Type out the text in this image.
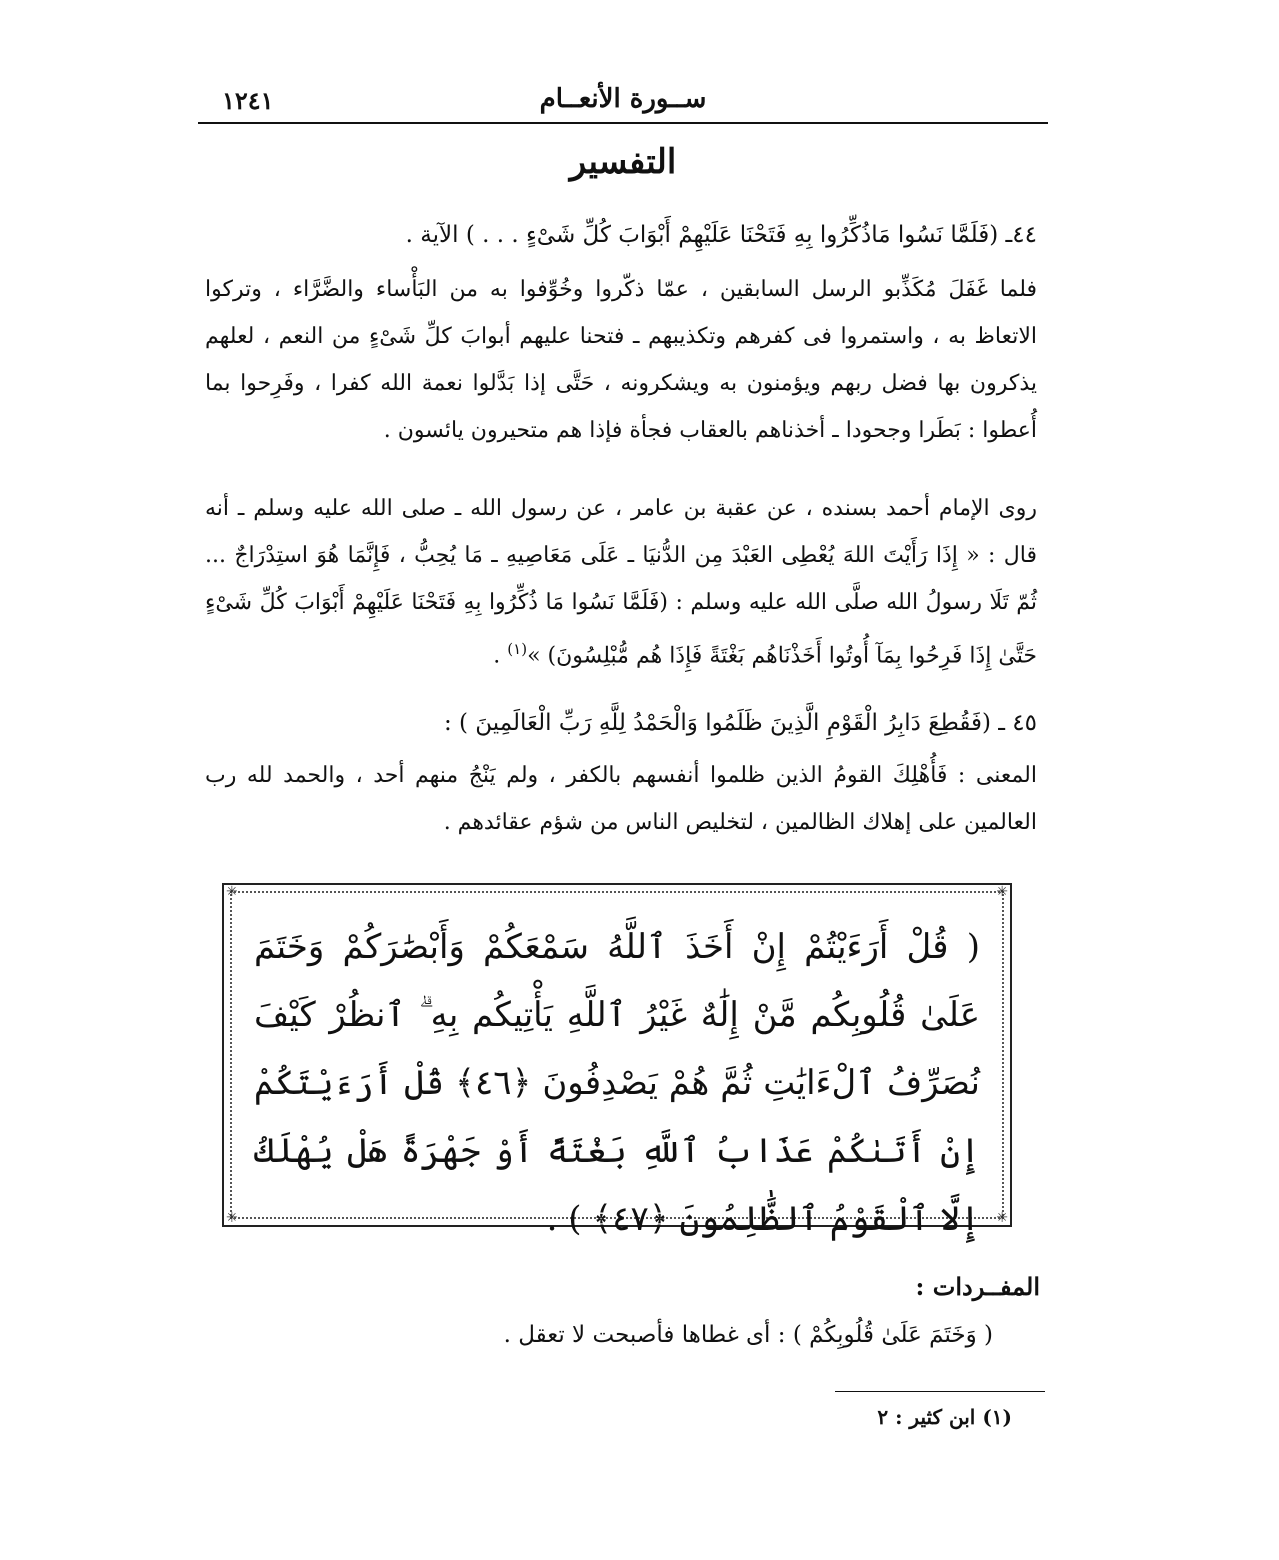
١٢٤١	ســورة الأنعــام
التفسير

٤٤ـ (فَلَمَّا نَسُوا مَاذُكِّرُوا بِهِ فَتَحْنَا عَلَيْهِمْ أَبْوَابَ كُلِّ شَىْءٍ . . . ) الآية .

فلما غَفَلَ مُكَذِّبو الرسل السابقين ، عمّا ذكّروا وخُوِّفوا به من البَأْساء والضَّرَّاء ، وتركوا الاتعاظ به ، واستمروا فى كفرهم وتكذيبهم ـ فتحنا عليهم أبوابَ كلِّ شَىْءٍ من النعم ، لعلهم يذكرون بها فضل ربهم ويؤمنون به ويشكرونه ، حَتَّى إذا بَدَّلوا نعمة الله كفرا ، وفَرِحوا بما أُعطوا : بَطَرا وجحودا ـ أخذناهم بالعقاب فجأة فإذا هم متحيرون يائسون .

روى الإمام أحمد بسنده ، عن عقبة بن عامر ، عن رسول الله ـ صلى الله عليه وسلم ـ أنه قال : « إِذَا رَأَيْتَ اللهَ يُعْطِى العَبْدَ مِن الدُّنيَا ـ عَلَى مَعَاصِيهِ ـ مَا يُحِبُّ ، فَإِنَّمَا هُوَ استِدْرَاجٌ ... ثُمّ تَلَا رسولُ الله صلَّى الله عليه وسلم : (فَلَمَّا نَسُوا مَا ذُكِّرُوا بِهِ فَتَحْنَا عَلَيْهِمْ أَبْوَابَ كُلِّ شَىْءٍ حَتَّىٰ إِذَا فَرِحُوا بِمَآ أُوتُوا أَخَذْنَاهُم بَغْتَةً فَإِذَا هُم مُّبْلِسُونَ) »$^{(١)}$ .

٤٥ ـ (فَقُطِعَ دَابِرُ الْقَوْمِ الَّذِينَ ظَلَمُوا وَالْحَمْدُ لِلَّهِ رَبِّ الْعَالَمِينَ ) :

المعنى : فَأُهْلِكَ القومُ الذين ظلموا أنفسهم بالكفر ، ولم يَنْجُ منهم أحد ، والحمد لله رب العالمين على إهلاك الظالمين ، لتخليص الناس من شؤم عقائدهم .

✳	✳
✳	✳

( قُلْ أَرَءَيْتُمْ إِنْ أَخَذَ ٱللَّهُ سَمْعَكُمْ وَأَبْصَٰرَكُمْ وَخَتَمَ عَلَىٰ قُلُوبِكُم مَّنْ إِلَٰهٌ غَيْرُ ٱللَّهِ يَأْتِيكُم بِهِ ۗ ٱنظُرْ كَيْفَ نُصَرِّفُ ٱلْءَايَٰتِ ثُمَّ هُمْ يَصْدِفُونَ ﴿٤٦﴾ قُلْ أَرَءَيْتَكُمْ إِنْ أَتَىٰكُمْ عَذَابُ ٱللَّهِ بَغْتَةً أَوْ جَهْرَةً هَلْ يُهْلَكُ إِلَّا ٱلْقَوْمُ ٱلظَّٰلِمُونَ ﴿٤٧﴾ ) .

المفــردات :
( وَخَتَمَ عَلَىٰ قُلُوبِكُمْ ) : أى غطاها فأصبحت لا تعقل .
(١) ابن كثير : ٢
